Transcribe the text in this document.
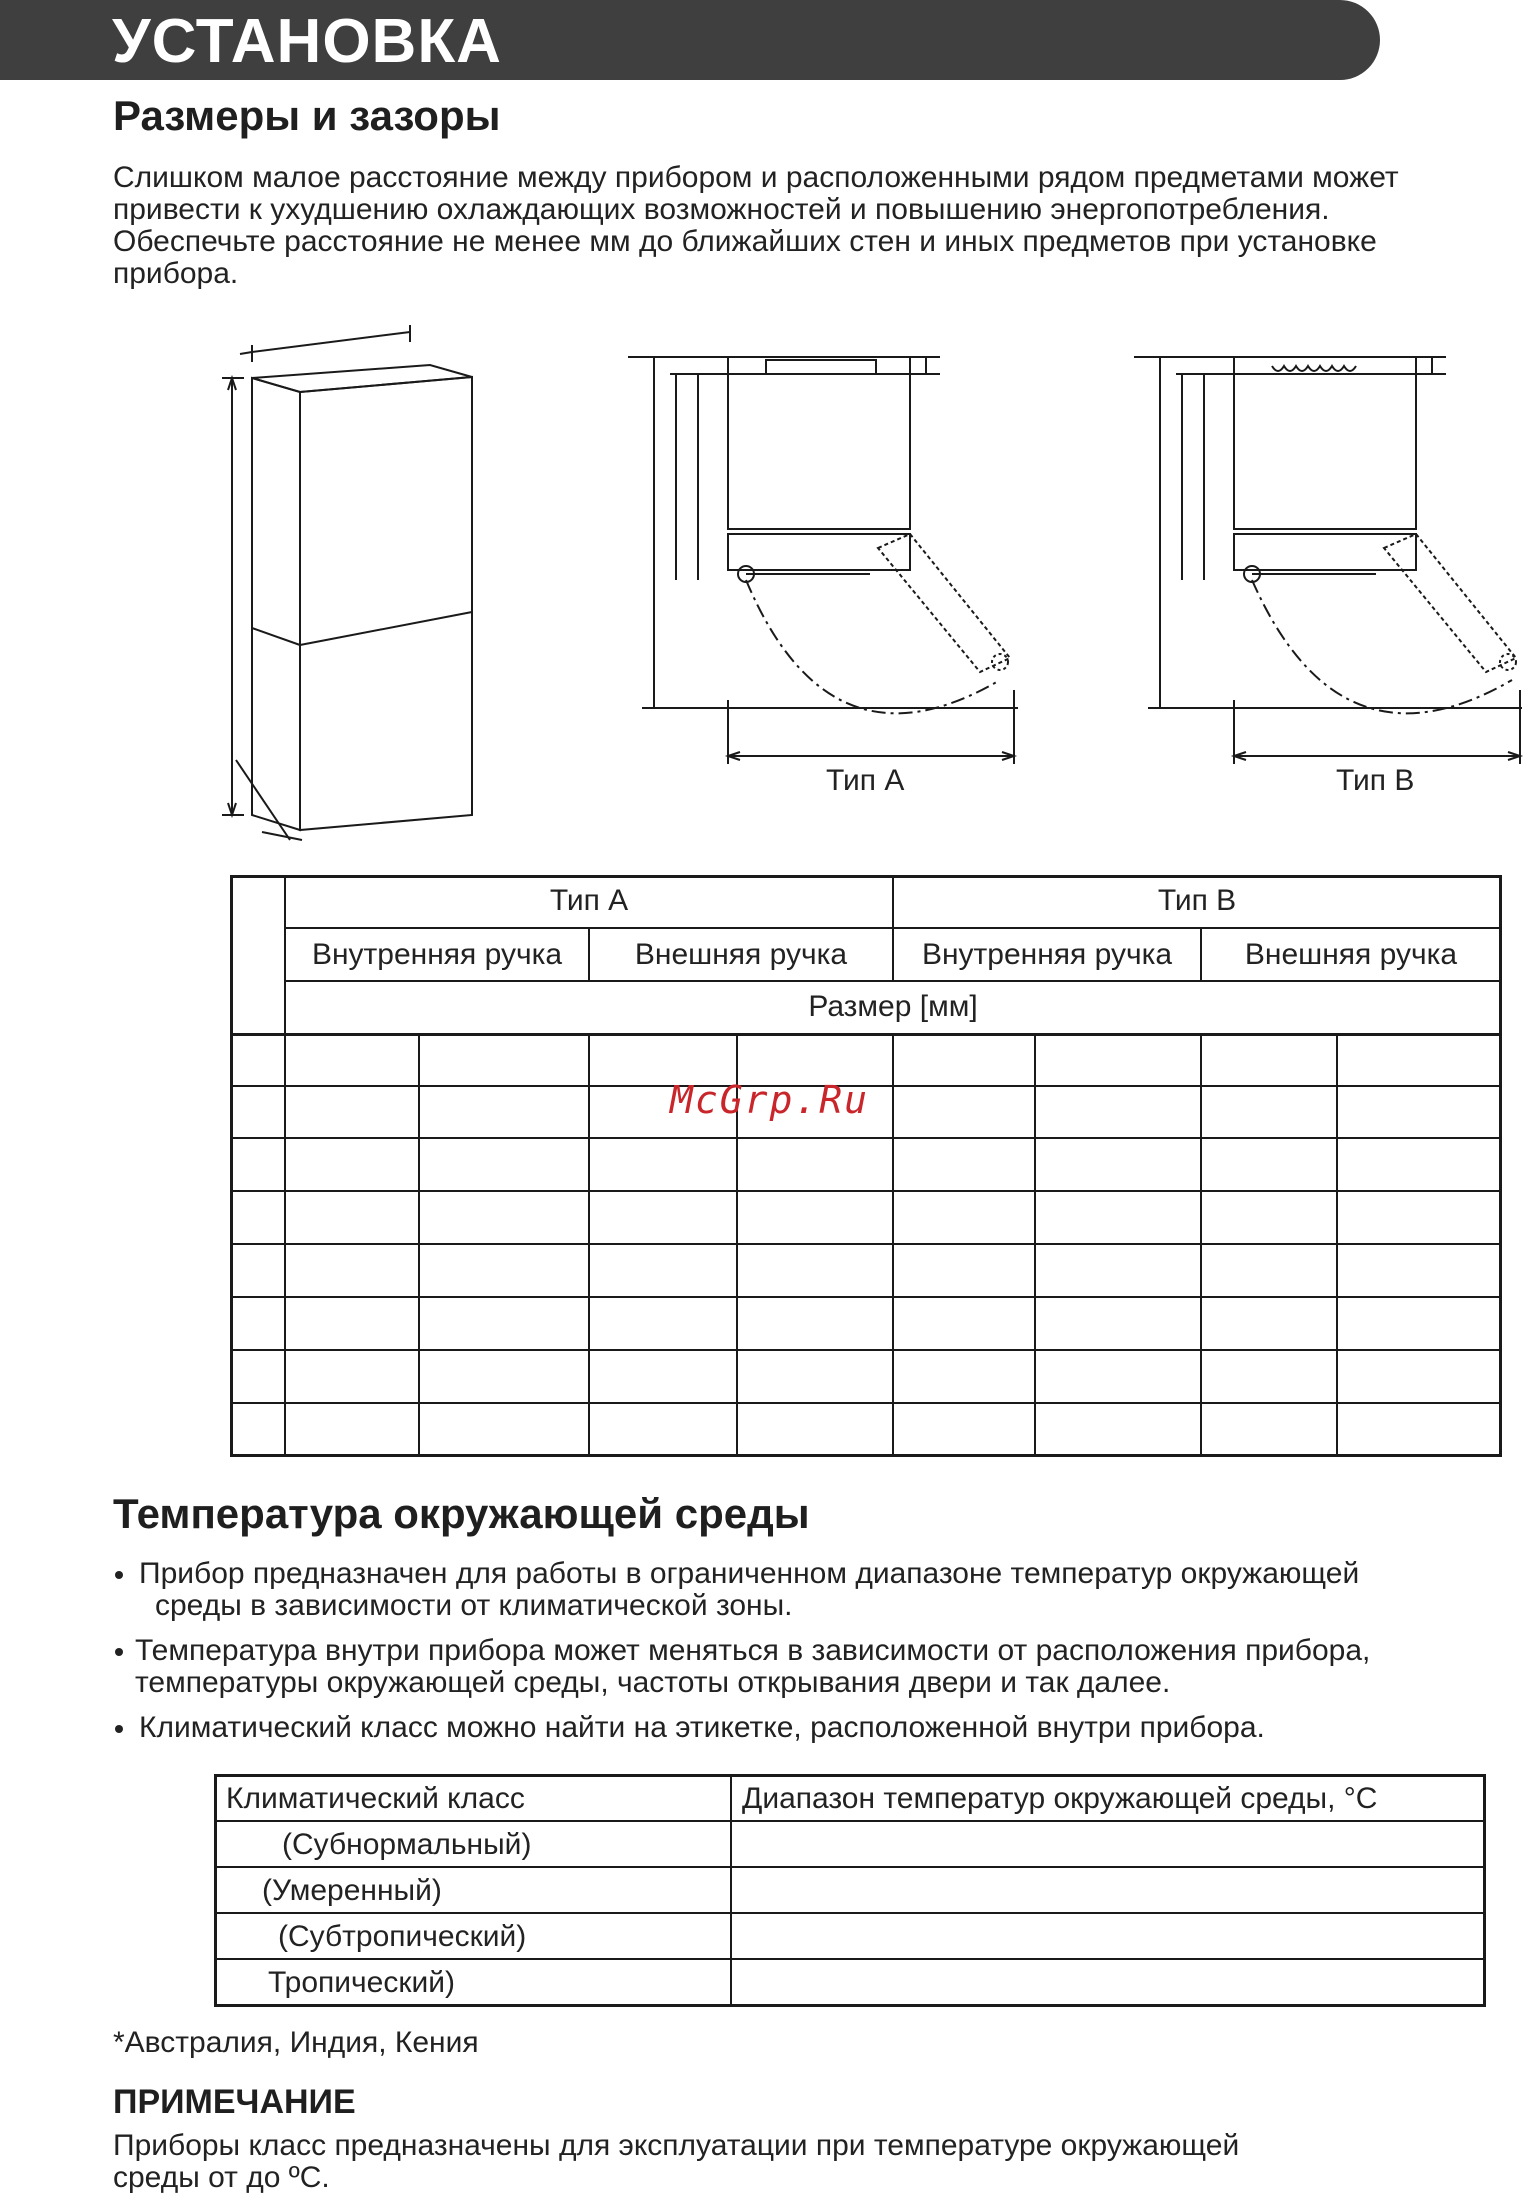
УСТАНОВКА
Размеры и зазоры
Слишком малое расстояние между прибором и расположенными рядом предметами может
привести к ухудшению охлаждающих возможностей и повышению энергопотребления.
Обеспечьте расстояние не менее мм до ближайших стен и иных предметов при установке
прибора.
Тип А	Тип В
Тип А	Тип В
Внутренняя ручка	Внешняя ручка	Внутренняя ручка	Внешняя ручка
Размер [мм]
McGrp.Ru
Температура окружающей среды
Прибор предназначен для работы в ограниченном диапазоне температур окружающей
среды в зависимости от климатической зоны.
Температура внутри прибора может меняться в зависимости от расположения прибора,
температуры окружающей среды, частоты открывания двери и так далее.
Климатический класс можно найти на этикетке, расположенной внутри прибора.
Климатический класс	Диапазон температур окружающей среды, °С
(Субнормальный)
(Умеренный)
(Субтропический)
Тропический)
*Австралия, Индия, Кения
ПРИМЕЧАНИЕ
Приборы класс предназначены для эксплуатации при температуре окружающей
среды от до ºC.
